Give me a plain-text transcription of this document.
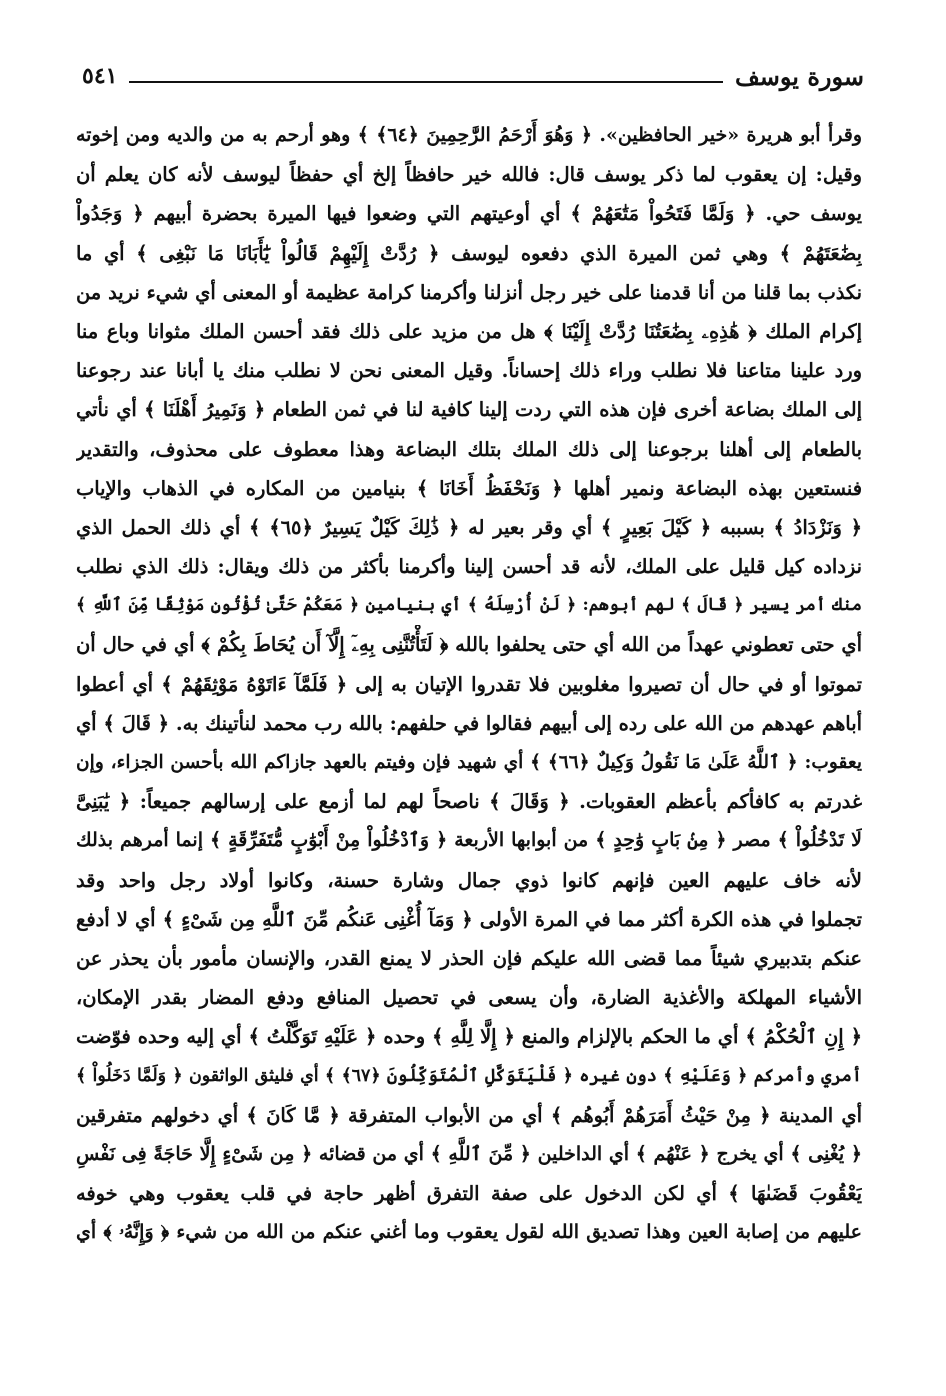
سورة يوسف
٥٤١
وقرأ أبو هريرة «خير الحافظين». ﴿ وَهُوَ أَرْحَمُ الرَّٰحِمِينَ ﴿٦٤﴾ ﴾ وهو أرحم به من والديه ومن إخوته
وقيل: إن يعقوب لما ذكر يوسف قال: فالله خير حافظاً إلخ أي حفظاً ليوسف لأنه كان يعلم أن
يوسف حي. ﴿ وَلَمَّا فَتَحُواْ مَتَٰعَهُمْ ﴾ أي أوعيتهم التي وضعوا فيها الميرة بحضرة أبيهم ﴿ وَجَدُواْ
بِضَٰعَتَهُمْ ﴾ وهي ثمن الميرة الذي دفعوه ليوسف ﴿ رُدَّتْ إِلَيْهِمْ قَالُواْ يَٰٓأَبَانَا مَا نَبْغِى ﴾ أي ما
نكذب بما قلنا من أنا قدمنا على خير رجل أنزلنا وأكرمنا كرامة عظيمة أو المعنى أي شيء نريد من
إكرام الملك ﴿ هَٰذِهِۦ بِضَٰعَتُنَا رُدَّتْ إِلَيْنَا ﴾ هل من مزيد على ذلك فقد أحسن الملك مثوانا وباع منا
ورد علينا متاعنا فلا نطلب وراء ذلك إحساناً. وقيل المعنى نحن لا نطلب منك يا أبانا عند رجوعنا
إلى الملك بضاعة أخرى فإن هذه التي ردت إلينا كافية لنا في ثمن الطعام ﴿ وَنَمِيرُ أَهْلَنَا ﴾ أي نأتي
بالطعام إلى أهلنا برجوعنا إلى ذلك الملك بتلك البضاعة وهذا معطوف على محذوف، والتقدير
فنستعين بهذه البضاعة ونمير أهلها ﴿ وَنَحْفَظُ أَخَانَا ﴾ بنيامين من المكاره في الذهاب والإياب
﴿ وَنَزْدَادُ ﴾ بسببه ﴿ كَيْلَ بَعِيرٍ ﴾ أي وقر بعير له ﴿ ذَٰلِكَ كَيْلٌ يَسِيرٌ ﴿٦٥﴾ ﴾ أي ذلك الحمل الذي
نزداده كيل قليل على الملك، لأنه قد أحسن إلينا وأكرمنا بأكثر من ذلك ويقال: ذلك الذي نطلب
منك أمر يسير ﴿ قَالَ ﴾ لهم أبوهم: ﴿ لَنْ أُرْسِلَهُ ﴾ أي بنيامين ﴿ مَعَكُمْ حَتَّىٰ تُؤْتُونِ مَوْثِقًا مِّنَ ٱللَّهِ ﴾
أي حتى تعطوني عهداً من الله أي حتى يحلفوا بالله ﴿ لَتَأْتُنَّنِى بِهِۦٓ إِلَّآ أَن يُحَاطَ بِكُمْ ﴾ أي في حال أن
تموتوا أو في حال أن تصيروا مغلوبين فلا تقدروا الإتيان به إلى ﴿ فَلَمَّآ ءَاتَوْهُ مَوْثِقَهُمْ ﴾ أي أعطوا
أباهم عهدهم من الله على رده إلى أبيهم فقالوا في حلفهم: بالله رب محمد لنأتينك به. ﴿ قَالَ ﴾ أي
يعقوب: ﴿ ٱللَّهُ عَلَىٰ مَا نَقُولُ وَكِيلٌ ﴿٦٦﴾ ﴾ أي شهيد فإن وفيتم بالعهد جازاكم الله بأحسن الجزاء، وإن
غدرتم به كافأكم بأعظم العقوبات. ﴿ وَقَالَ ﴾ ناصحاً لهم لما أزمع على إرسالهم جميعاً: ﴿ يَٰبَنِىَّ
لَا تَدْخُلُواْ ﴾ مصر ﴿ مِنۢ بَابٍ وَٰحِدٍ ﴾ من أبوابها الأربعة ﴿ وَٱدْخُلُواْ مِنْ أَبْوَٰبٍ مُّتَفَرِّقَةٍ ﴾ إنما أمرهم بذلك
لأنه خاف عليهم العين فإنهم كانوا ذوي جمال وشارة حسنة، وكانوا أولاد رجل واحد وقد
تجملوا في هذه الكرة أكثر مما في المرة الأولى ﴿ وَمَآ أُغْنِى عَنكُم مِّنَ ٱللَّهِ مِن شَىْءٍ ﴾ أي لا أدفع
عنكم بتدبيري شيئاً مما قضى الله عليكم فإن الحذر لا يمنع القدر، والإنسان مأمور بأن يحذر عن
الأشياء المهلكة والأغذية الضارة، وأن يسعى في تحصيل المنافع ودفع المضار بقدر الإمكان،
﴿ إِنِ ٱلْحُكْمُ ﴾ أي ما الحكم بالإلزام والمنع ﴿ إِلَّا لِلَّهِ ﴾ وحده ﴿ عَلَيْهِ تَوَكَّلْتُ ﴾ أي إليه وحده فوّضت
أمري وأمركم ﴿ وَعَلَيْهِ ﴾ دون غيره ﴿ فَلْيَتَوَكَّلِ ٱلْمُتَوَكِّلُونَ ﴿٦٧﴾ ﴾ أي فليثق الواثقون ﴿ وَلَمَّا دَخَلُواْ ﴾
أي المدينة ﴿ مِنْ حَيْثُ أَمَرَهُمْ أَبُوهُم ﴾ أي من الأبواب المتفرقة ﴿ مَّا كَانَ ﴾ أي دخولهم متفرقين
﴿ يُغْنِى ﴾ أي يخرج ﴿ عَنْهُم ﴾ أي الداخلين ﴿ مِّنَ ٱللَّهِ ﴾ أي من قضائه ﴿ مِن شَىْءٍ إِلَّا حَاجَةً فِى نَفْسِ
يَعْقُوبَ قَضَىٰهَا ﴾ أي لكن الدخول على صفة التفرق أظهر حاجة في قلب يعقوب وهي خوفه
عليهم من إصابة العين وهذا تصديق الله لقول يعقوب وما أغني عنكم من الله من شيء ﴿ وَإِنَّهُۥ ﴾ أي
